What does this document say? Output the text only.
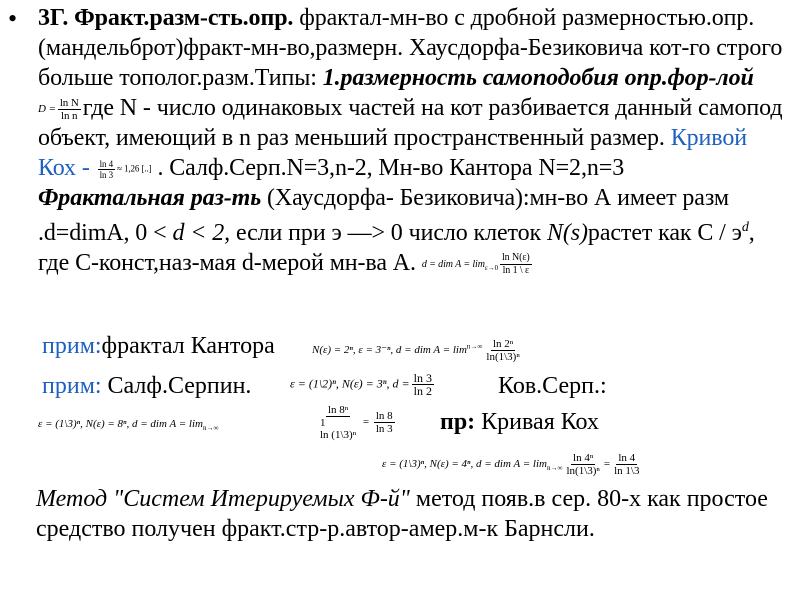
• 3Г. Фракт.разм-сть.опр. фрактал-мн-во с дробной размерностью.опр.(мандельброт)фракт-мн-во,размерн. Хаусдорфа-Безиковича кот-го строго больше тополог.разм.Типы: 1.размерность самоподобия опр.фор-лойD = $\frac{\text{ln N}}{\text{ln n}}$ где N - число одинаковых частей на кот разбивается данный самопод объект, имеющий в n раз меньший пространственный размер. Кривой Кох - $\frac{\ln 4}{\ln 3} \approx 1,26$ [..] . Салф.Серп.N=3,n-2, Мн-во Кантора N=2,n=3
Фрактальная раз-ть (Хаусдорфа- Безиковича):мн-во А имеет разм .d=dimA, 0 < d < 2, если при э —> 0 число клеток N(s)растет как С / $э^d$, где С-конст,наз-мая d-мерой мн-ва А. d = dim $A = \lim_{\varepsilon\to 0} \frac{\text{ln N(ε)}}{\ln 1 \backslash \varepsilon}$

прим:фрактал Кантора	N(ε) = 2ⁿ, ε = 3⁻ⁿ, d = dim $A = \lim^{n\to\infty} \frac{\text{ln 2ⁿ}}{\text{ln(1\textbackslash{}3)ⁿ}}$
прим: Салф.Серпин.	ε = (1\2)ⁿ, N(ε) = 3ⁿ, $d = \frac{\ln 3}{\ln 2}$	Ков.Серп.:
ε = (1\3)ⁿ, N(ε) = 8ⁿ, d = dim $A = \lim_{n\to\infty}$
ln 8ⁿ
1
ln (1\3)ⁿ
= $\frac{\ln 8}{\ln 3}$ пр: Кривая Кох
ε = (1\3)ⁿ, N(ε) = 4ⁿ, d = dim $A = \lim_{n\to\infty} \frac{\text{ln 4ⁿ}}{\text{ln(1\textbackslash{}3)ⁿ}} = \frac{\ln 4}{\ln 1\backslash 3}$
Метод "Систем Итерируемых Ф-й" метод появ.в сер. 80-х как простое средство получен фракт.стр-р.автор-амер.м-к Барнсли.
